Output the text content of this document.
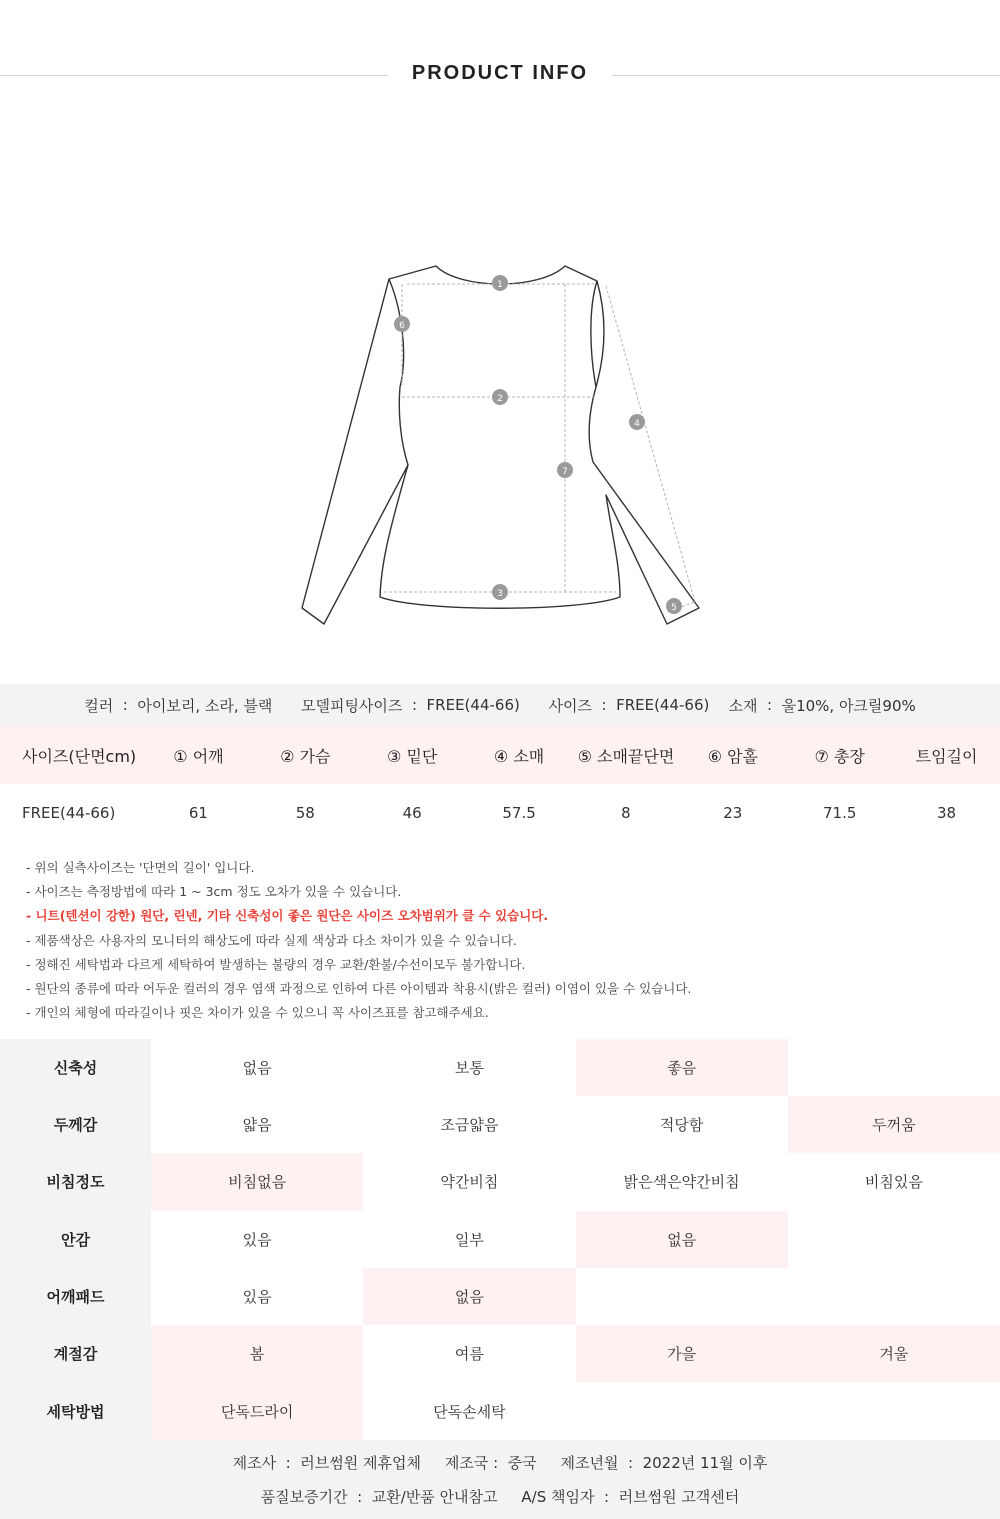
PRODUCT INFO
1
2
3
4
5
6
7
컬러 : 아이보리, 소라, 블랙
모델피팅사이즈 : FREE(44-66)
사이즈 : FREE(44-66)
소재 : 울10%, 아크릴90%
사이즈(단면cm)	① 어깨	② 가슴	③ 밑단	④ 소매	⑤ 소매끝단면	⑥ 암홀	⑦ 총장	트임길이
FREE(44-66)	61	58	46	57.5	8	23	71.5	38
- 위의 실측사이즈는 '단면의 길이' 입니다.
- 사이즈는 측정방법에 따라 1 ~ 3cm 정도 오차가 있을 수 있습니다.
- 니트(텐션이 강한) 원단, 린넨, 기타 신축성이 좋은 원단은 사이즈 오차범위가 클 수 있습니다.
- 제품색상은 사용자의 모니터의 해상도에 따라 실제 색상과 다소 차이가 있을 수 있습니다.
- 정해진 세탁법과 다르게 세탁하여 발생하는 불량의 경우 교환/환불/수선이모두 불가합니다.
- 원단의 종류에 따라 어두운 컬러의 경우 염색 과정으로 인하여 다른 아이템과 착용시(밝은 컬러) 이염이 있을 수 있습니다.
- 개인의 체형에 따라길이나 핏은 차이가 있을 수 있으니 꼭 사이즈표를 참고해주세요.
신축성	없음	보통	좋음
두께감	얇음	조금얇음	적당함	두꺼움
비침정도	비침없음	약간비침	밝은색은약간비침	비침있음
안감	있음	일부	없음
어깨패드	있음	없음
계절감	봄	여름	가을	겨울
세탁방법	단독드라이	단독손세탁
제조사  :  러브썸원 제휴업체 제조국 :  중국 제조년월  :  2022년 11월 이후
품질보증기간  :  교환/반품 안내참고 A/S 책임자  :  러브썸원 고객센터
